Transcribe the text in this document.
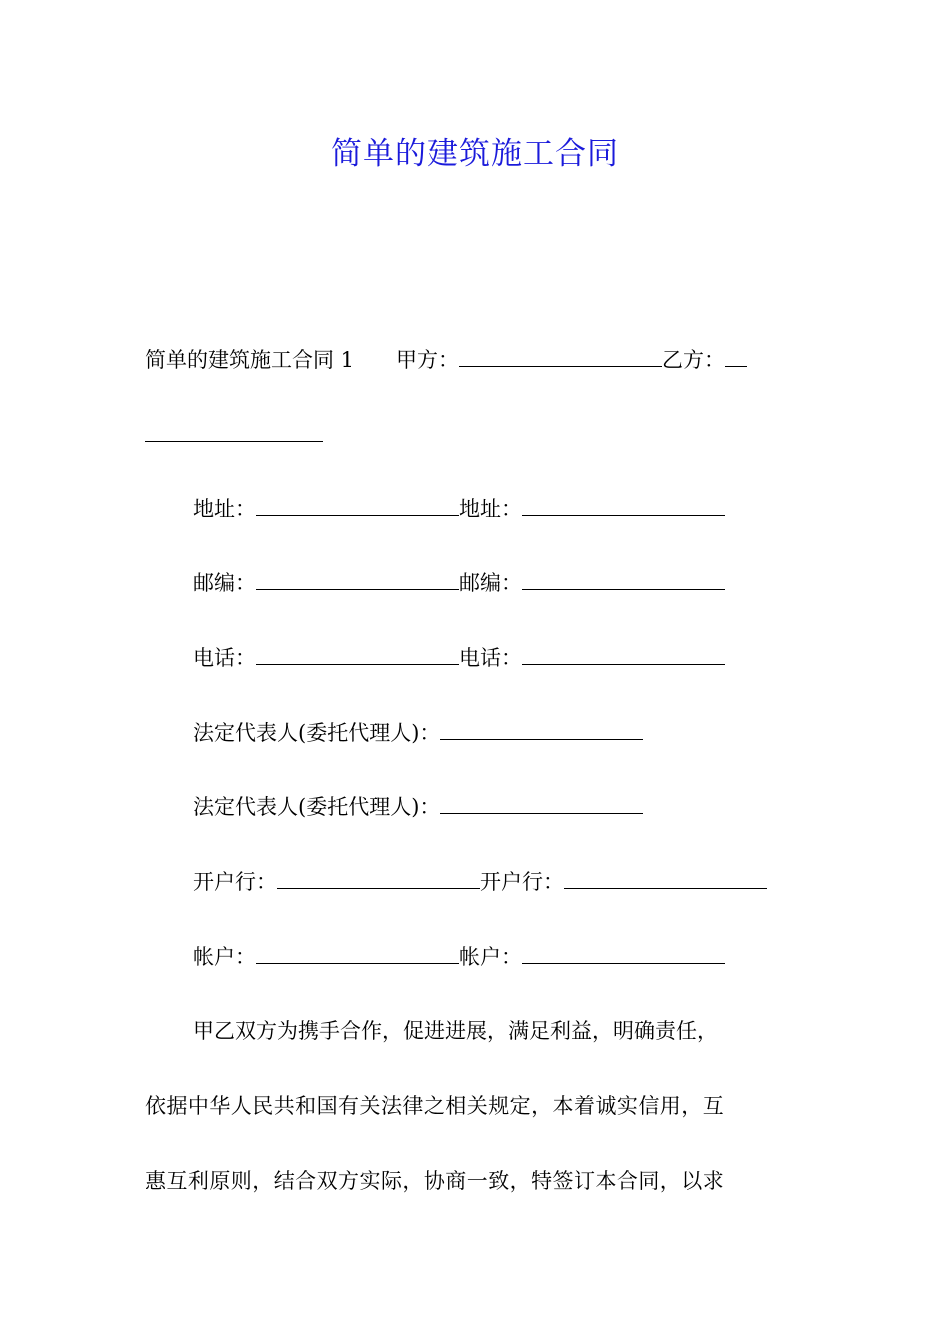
简单的建筑施工合同
简单的建筑施工合同 1 甲方：	乙方：
地址：	地址：
邮编：	邮编：
电话：	电话：
法定代表人(委托代理人)：
法定代表人(委托代理人)：
开户行：	开户行：
帐户：	帐户：
甲乙双方为携手合作，促进进展，满足利益，明确责任，
依据中华人民共和国有关法律之相关规定，本着诚实信用，互
惠互利原则，结合双方实际，协商一致，特签订本合同，以求
